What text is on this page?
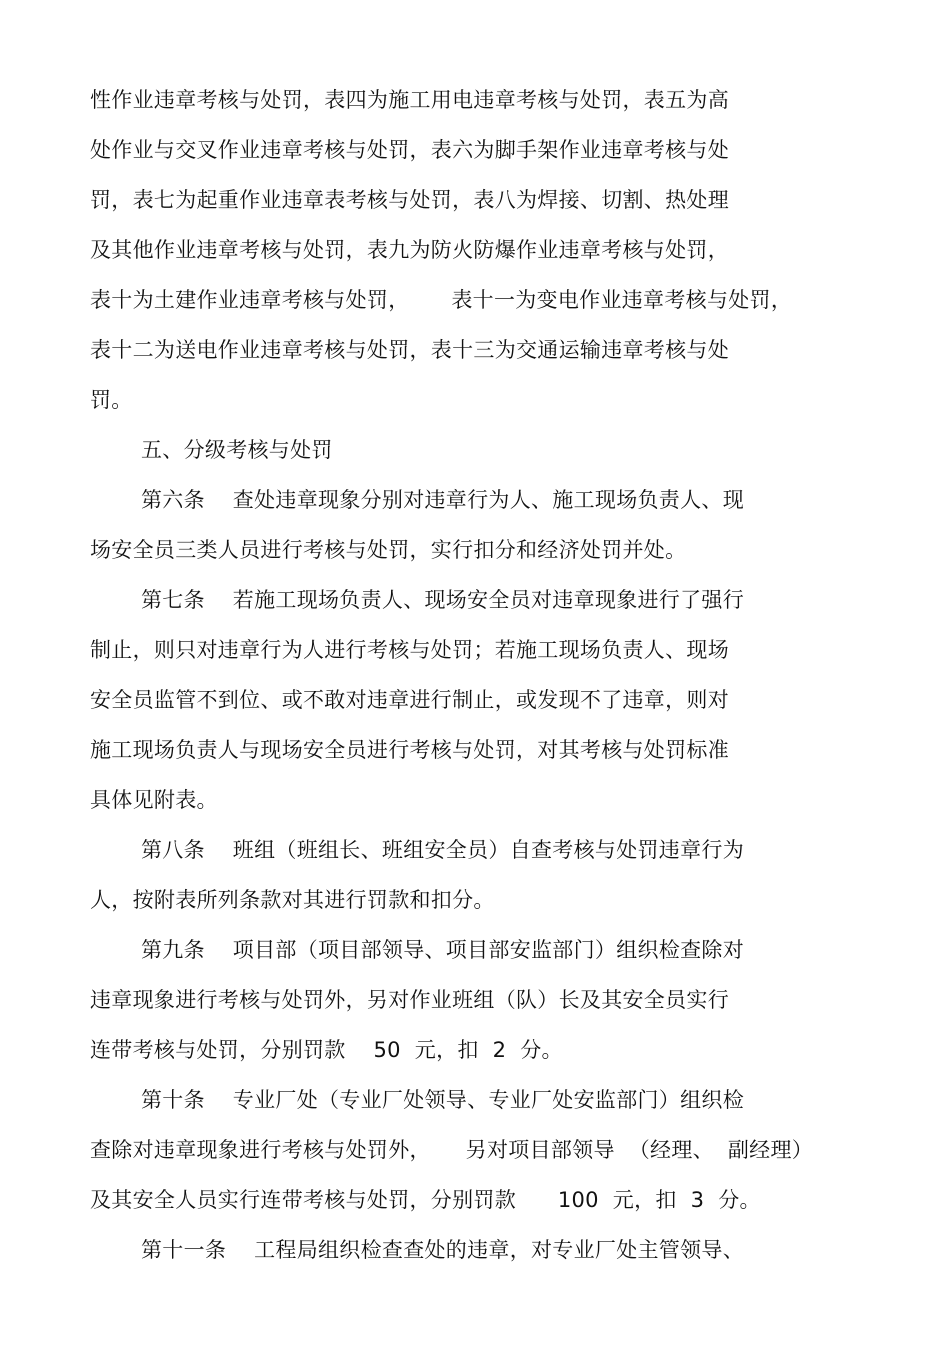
性作业违章考核与处罚，表四为施工用电违章考核与处罚，表五为高
处作业与交叉作业违章考核与处罚，表六为脚手架作业违章考核与处
罚，表七为起重作业违章表考核与处罚，表八为焊接、切割、热处理
及其他作业违章考核与处罚，表九为防火防爆作业违章考核与处罚，
表十为土建作业违章考核与处罚，      表十一为变电作业违章考核与处罚，
表十二为送电作业违章考核与处罚，表十三为交通运输违章考核与处
罚。
五、分级考核与处罚
第六条    查处违章现象分别对违章行为人、施工现场负责人、现
场安全员三类人员进行考核与处罚，实行扣分和经济处罚并处。
第七条    若施工现场负责人、现场安全员对违章现象进行了强行
制止，则只对违章行为人进行考核与处罚；若施工现场负责人、现场
安全员监管不到位、或不敢对违章进行制止，或发现不了违章，则对
施工现场负责人与现场安全员进行考核与处罚，对其考核与处罚标准
具体见附表。
第八条    班组（班组长、班组安全员）自查考核与处罚违章行为
人，按附表所列条款对其进行罚款和扣分。
第九条    项目部（项目部领导、项目部安监部门）组织检查除对
违章现象进行考核与处罚外，另对作业班组（队）长及其安全员实行
连带考核与处罚，分别罚款    50  元，扣  2  分。
第十条    专业厂处（专业厂处领导、专业厂处安监部门）组织检
查除对违章现象进行考核与处罚外，     另对项目部领导  （经理、  副经理）
及其安全人员实行连带考核与处罚，分别罚款      100  元，扣  3  分。
第十一条    工程局组织检查查处的违章，对专业厂处主管领导、
